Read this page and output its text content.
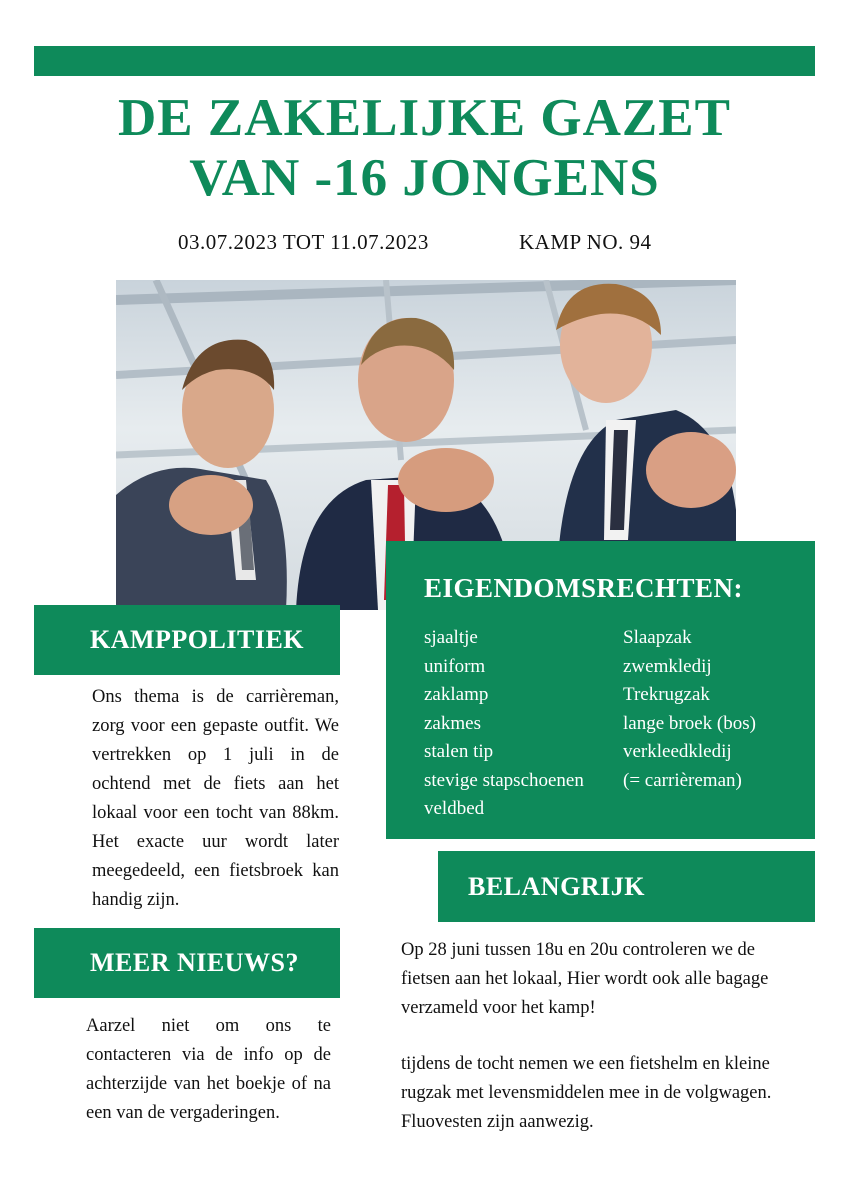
DE ZAKELIJKE GAZET
VAN -16 JONGENS
03.07.2023 TOT 11.07.2023	KAMP NO. 94
KAMPPOLITIEK
Ons thema is de carrièreman, zorg voor een gepaste outfit. We vertrekken op 1 juli in de ochtend met de fiets aan het lokaal voor een tocht van 88km. Het exacte uur wordt later meegedeeld, een fietsbroek kan handig zijn.
EIGENDOMSRECHTEN:
sjaaltje
uniform
zaklamp
zakmes
stalen tip
stevige stapschoenen
veldbed
Slaapzak
zwemkledij
Trekrugzak
lange broek (bos)
verkleedkledij
(= carrièreman)
BELANGRIJK
Op 28 juni tussen 18u en 20u controleren we de fietsen aan het lokaal, Hier wordt ook alle bagage verzameld voor het kamp!
tijdens de tocht nemen we een fietshelm en kleine rugzak met levensmiddelen mee in de volgwagen. Fluovesten zijn aanwezig.
MEER NIEUWS?
Aarzel niet om ons te contacteren via de info op de achterzijde van het boekje of na een van de vergaderingen.
